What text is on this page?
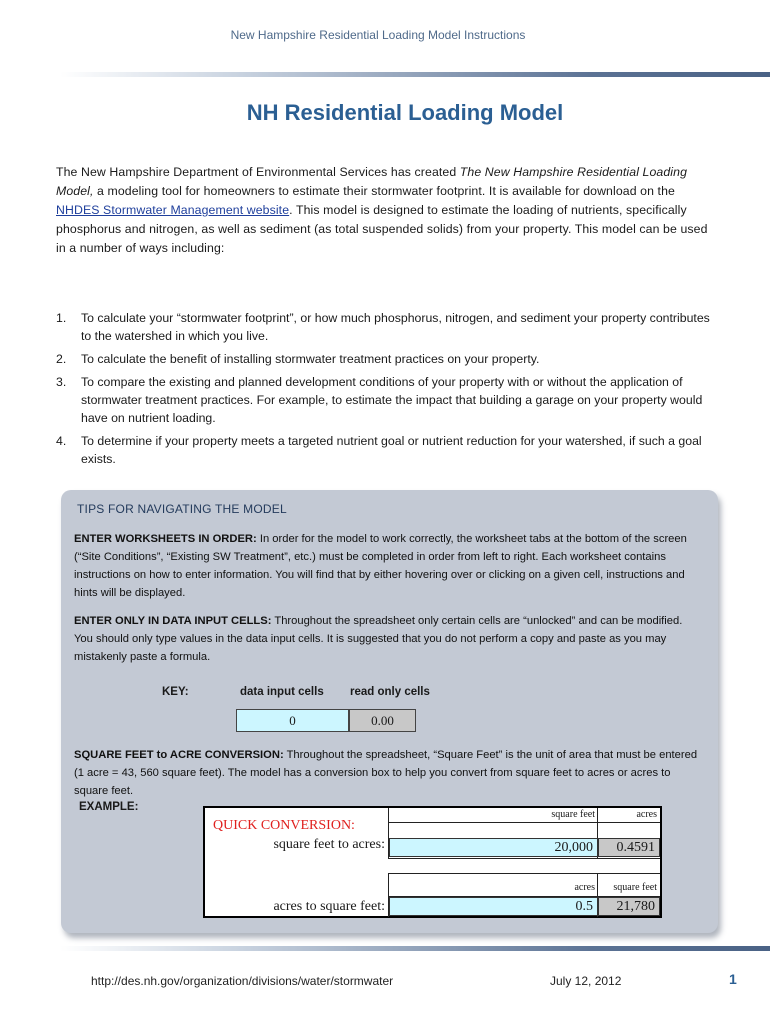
New Hampshire Residential Loading Model Instructions
NH Residential Loading Model

The New Hampshire Department of Environmental Services has created The New Hampshire Residential Loading Model, a modeling tool for homeowners to estimate their stormwater footprint. It is available for download on the NHDES Stormwater Management website. This model is designed to estimate the loading of nutrients, specifically phosphorus and nitrogen, as well as sediment (as total suspended solids) from your property. This model can be used in a number of ways including:

1. To calculate your “stormwater footprint”, or how much phosphorus, nitrogen, and sediment your property contributes to the watershed in which you live.
2. To calculate the benefit of installing stormwater treatment practices on your property.
3. To compare the existing and planned development conditions of your property with or without the application of stormwater treatment practices. For example, to estimate the impact that building a garage on your property would have on nutrient loading.
4. To determine if your property meets a targeted nutrient goal or nutrient reduction for your watershed, if such a goal exists.
TIPS FOR NAVIGATING THE MODEL

ENTER WORKSHEETS IN ORDER: In order for the model to work correctly, the worksheet tabs at the bottom of the screen (“Site Conditions”, “Existing SW Treatment”, etc.) must be completed in order from left to right. Each worksheet contains instructions on how to enter information. You will find that by either hovering over or clicking on a given cell, instructions and hints will be displayed.

ENTER ONLY IN DATA INPUT CELLS: Throughout the spreadsheet only certain cells are “unlocked” and can be modified. You should only type values in the data input cells. It is suggested that you do not perform a copy and paste as you may mistakenly paste a formula.

KEY:	data input cells read only cells
0	0.00

SQUARE FEET to ACRE CONVERSION: Throughout the spreadsheet, “Square Feet” is the unit of area that must be entered (1 acre = 43, 560 square feet). The model has a conversion box to help you convert from square feet to acres or acres to square feet.

EXAMPLE:
QUICK CONVERSION:
square feet	acres
square feet to acres:	20,000	0.4591
acres	square feet
acres to square feet:	0.5	21,780
http://des.nh.gov/organization/divisions/water/stormwater	July 12, 2012	1
